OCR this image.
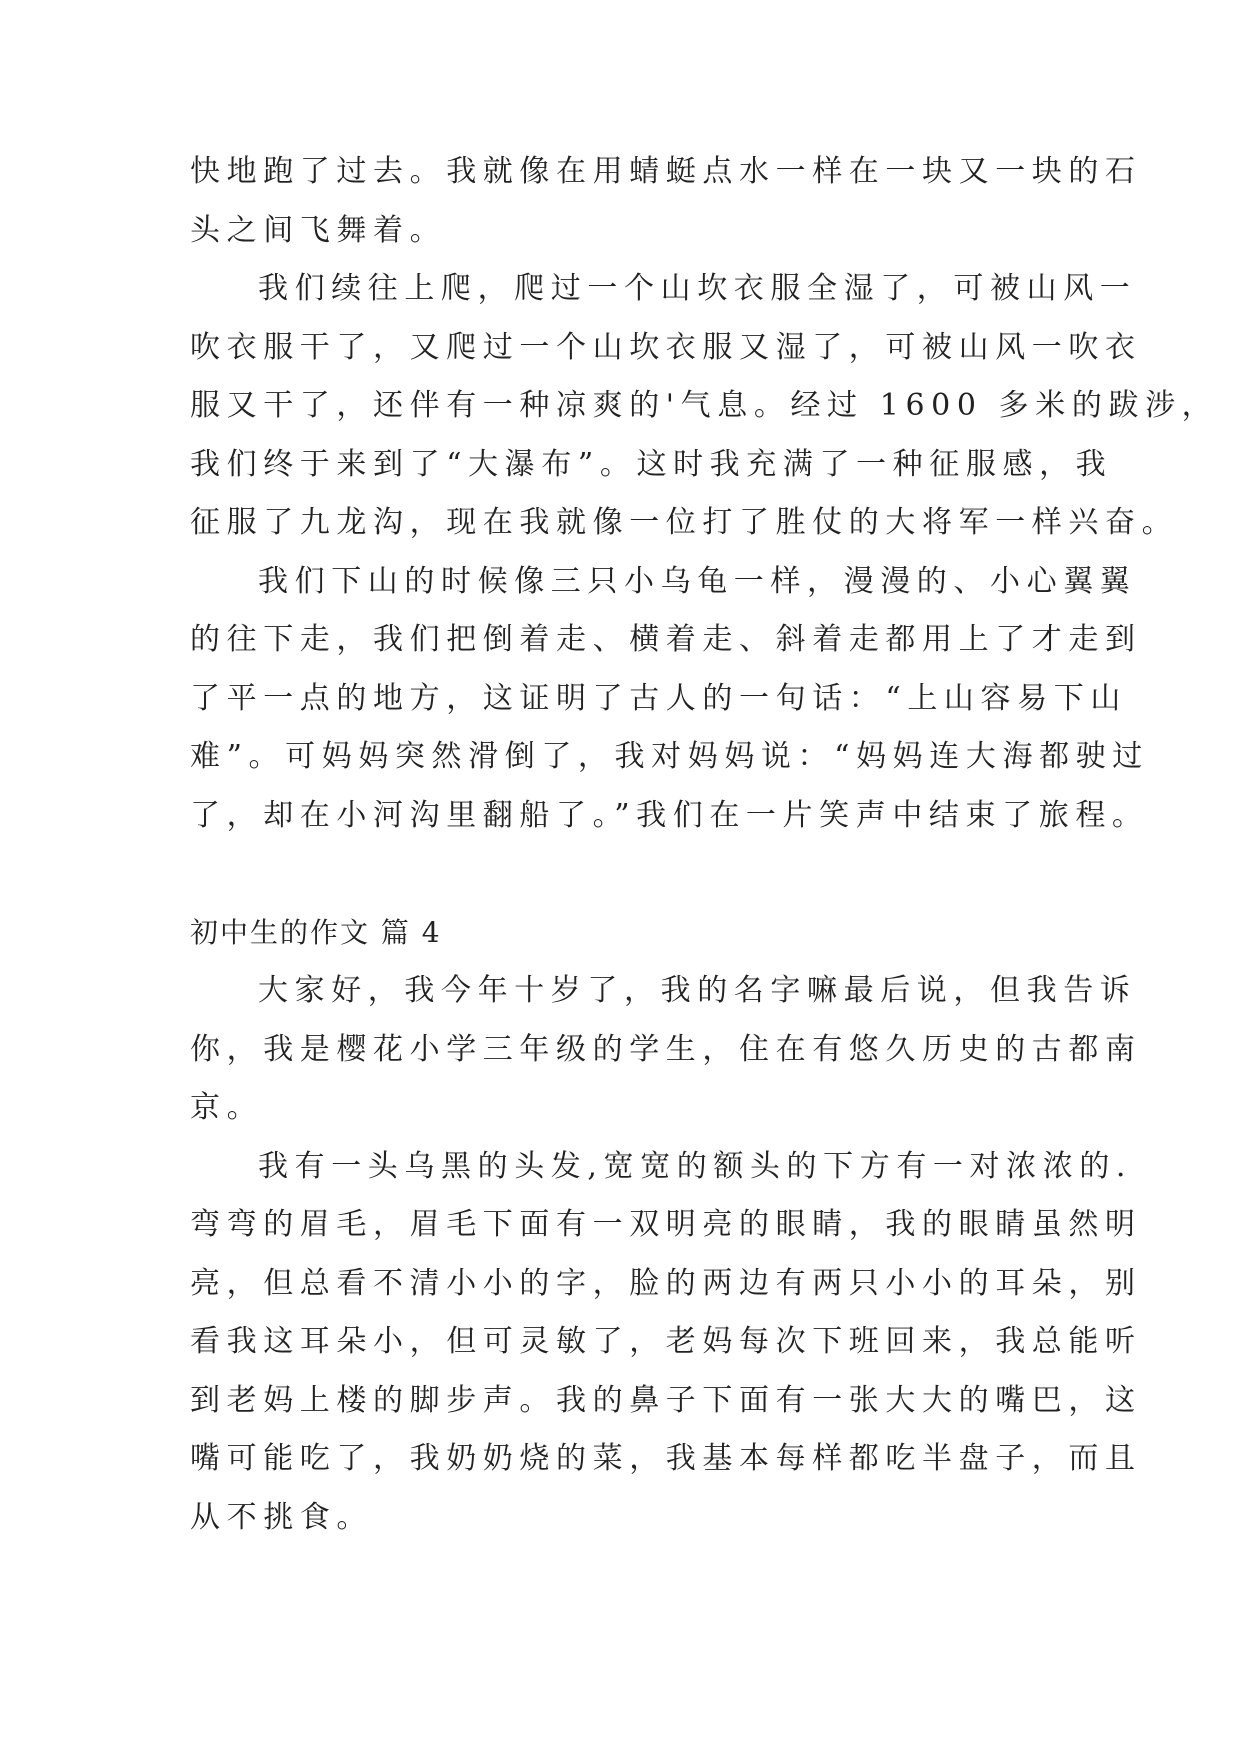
快地跑了过去。我就像在用蜻蜓点水一样在一块又一块的石
头之间飞舞着。
我们续往上爬，爬过一个山坎衣服全湿了，可被山风一
吹衣服干了，又爬过一个山坎衣服又湿了，可被山风一吹衣
服又干了，还伴有一种凉爽的'气息。经过 1600 多米的跋涉，
我们终于来到了“大瀑布”。这时我充满了一种征服感，我
征服了九龙沟，现在我就像一位打了胜仗的大将军一样兴奋。
我们下山的时候像三只小乌龟一样，漫漫的、小心翼翼
的往下走，我们把倒着走、横着走、斜着走都用上了才走到
了平一点的地方，这证明了古人的一句话：“上山容易下山
难”。可妈妈突然滑倒了，我对妈妈说：“妈妈连大海都驶过
了，却在小河沟里翻船了。”我们在一片笑声中结束了旅程。
初中生的作文 篇 4
大家好，我今年十岁了，我的名字嘛最后说，但我告诉
你，我是樱花小学三年级的学生，住在有悠久历史的古都南
京。
我有一头乌黑的头发,宽宽的额头的下方有一对浓浓的.
弯弯的眉毛，眉毛下面有一双明亮的眼睛，我的眼睛虽然明
亮，但总看不清小小的字，脸的两边有两只小小的耳朵，别
看我这耳朵小，但可灵敏了，老妈每次下班回来，我总能听
到老妈上楼的脚步声。我的鼻子下面有一张大大的嘴巴，这
嘴可能吃了，我奶奶烧的菜，我基本每样都吃半盘子，而且
从不挑食。
